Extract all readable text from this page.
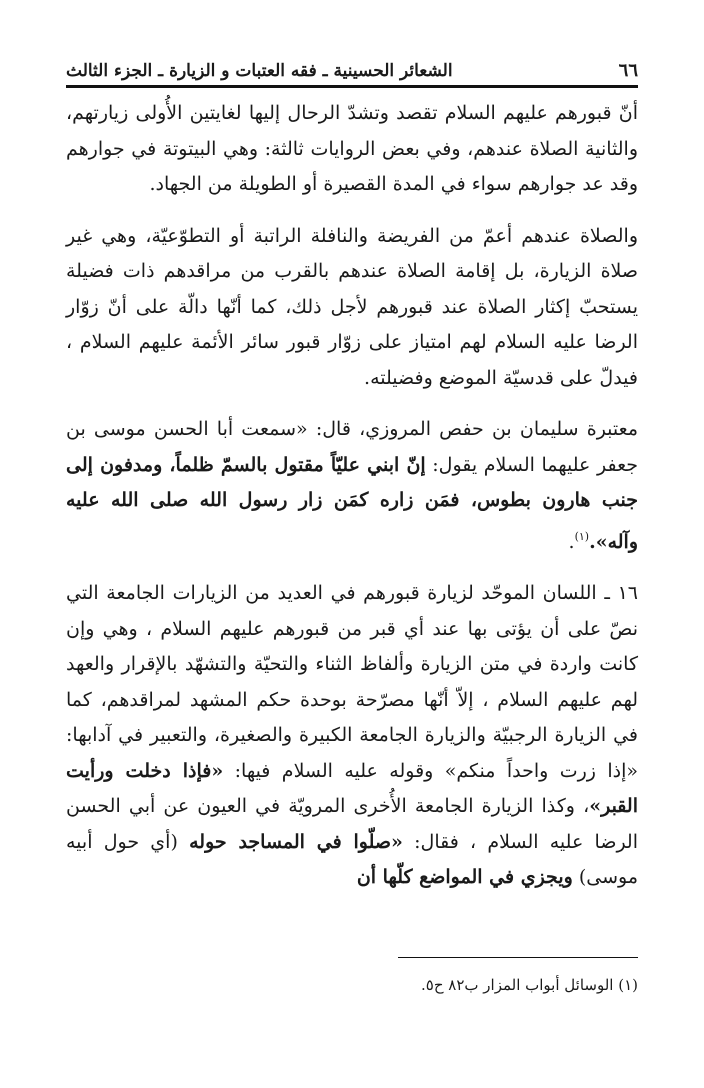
٦٦
الشعائر الحسينية ـ فقه العتبات و الزيارة ـ الجزء الثالث

أنّ قبورهم عليهم السلام تقصد وتشدّ الرحال إليها لغايتين الأُولى زيارتهم، والثانية الصلاة عندهم، وفي بعض الروايات ثالثة: وهي البيتوتة في جوارهم وقد عد جوارهم سواء في المدة القصيرة أو الطويلة من الجهاد.

والصلاة عندهم أعمّ من الفريضة والنافلة الراتبة أو التطوّعيّة، وهي غير صلاة الزيارة، بل إقامة الصلاة عندهم بالقرب من مراقدهم ذات فضيلة يستحبّ إكثار الصلاة عند قبورهم لأجل ذلك، كما أنّها دالّة على أنّ زوّار الرضا عليه السلام لهم امتياز على زوّار قبور سائر الأئمة عليهم السلام ، فيدلّ على قدسيّة الموضع وفضيلته.

معتبرة سليمان بن حفص المروزي، قال: «سمعت أبا الحسن موسى بن جعفر عليهما السلام يقول: إنّ ابني عليّاً مقتول بالسمّ ظلماً، ومدفون إلى جنب هارون بطوس، فمَن زاره كمَن زار رسول الله صلى الله عليه وآله».$^{(١)}$.

١٦ ـ اللسان الموحّد لزيارة قبورهم في العديد من الزيارات الجامعة التي نصّ على أن يؤتى بها عند أي قبر من قبورهم عليهم السلام ، وهي وإن كانت واردة في متن الزيارة وألفاظ الثناء والتحيّة والتشهّد بالإقرار والعهد لهم عليهم السلام ، إلاّ أنّها مصرّحة بوحدة حكم المشهد لمراقدهم، كما في الزيارة الرجبيّة والزيارة الجامعة الكبيرة والصغيرة، والتعبير في آدابها: «إذا زرت واحداً منكم» وقوله عليه السلام فيها: «فإذا دخلت ورأيت القبر»، وكذا الزيارة الجامعة الأُخرى المرويّة في العيون عن أبي الحسن الرضا عليه السلام ، فقال: «صلّوا في المساجد حوله (أي حول أبيه موسى) ويجزي في المواضع كلّها أن

(١) الوسائل أبواب المزار ب٨٢ ح٥.
